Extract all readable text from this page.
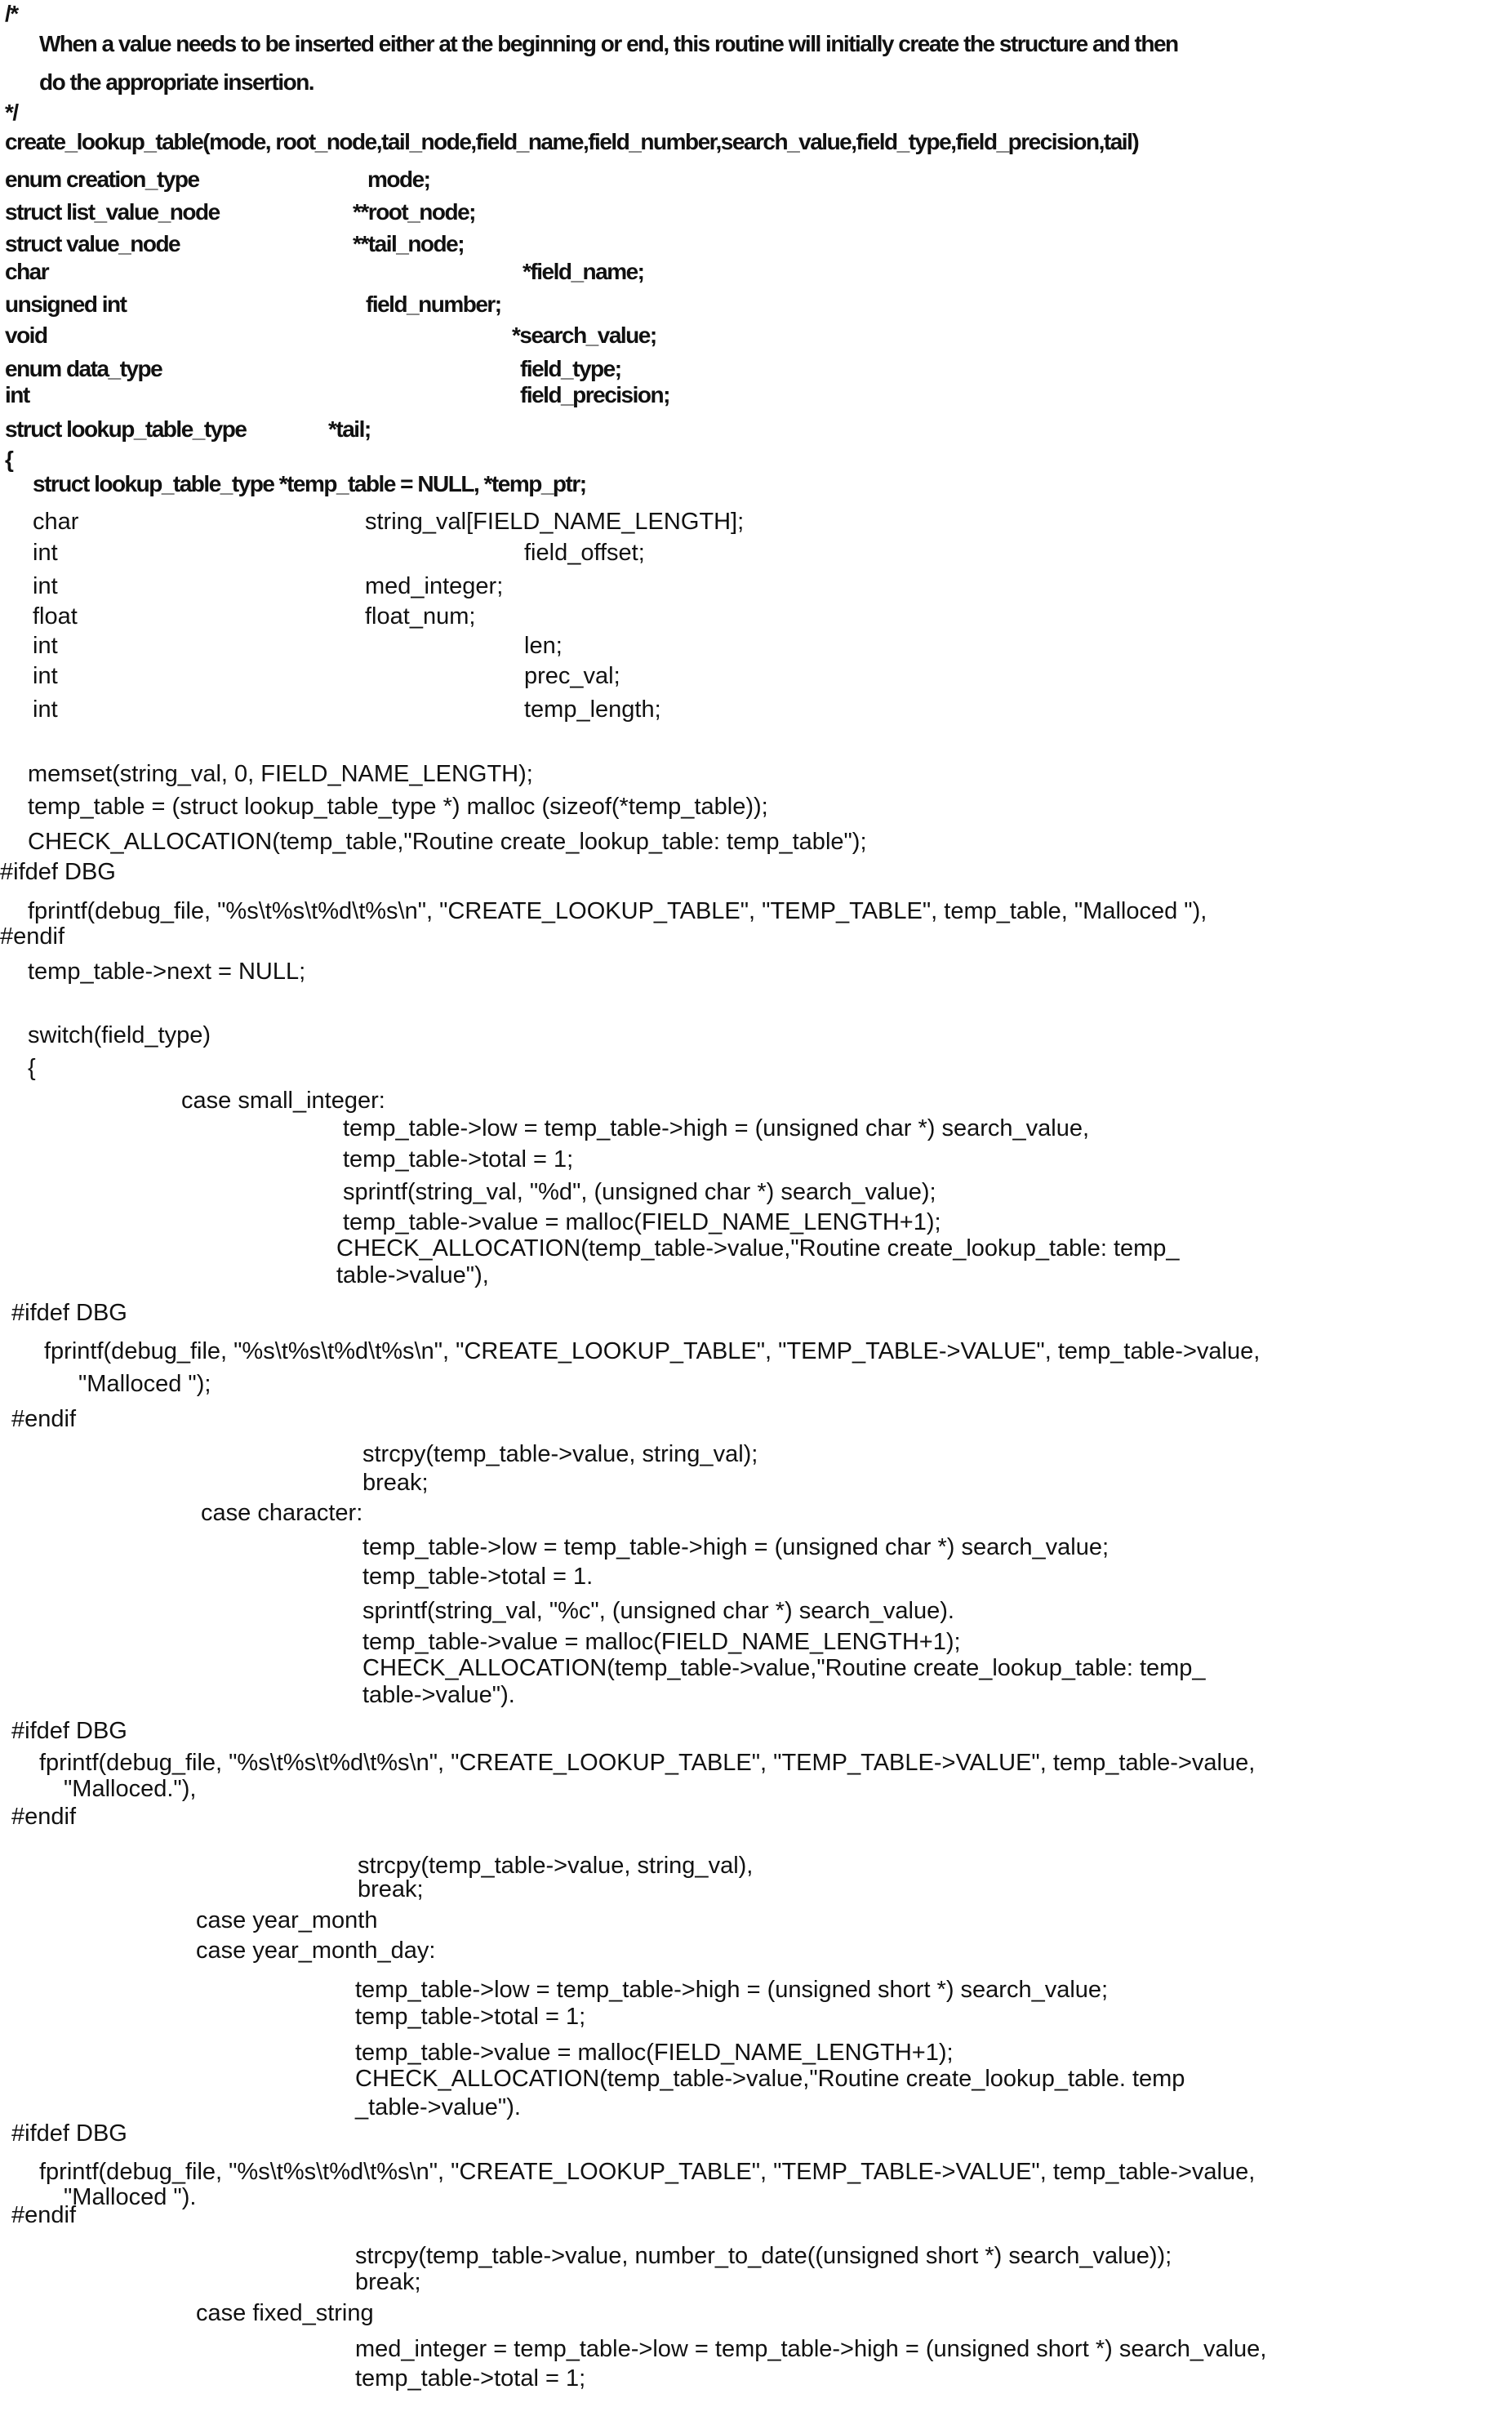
/*
When a value needs to be inserted either at the beginning or end, this routine will initially create the structure and then
do the appropriate insertion.
*/
create_lookup_table(mode, root_node,tail_node,field_name,field_number,search_value,field_type,field_precision,tail)
enum creation_type	mode;
struct list_value_node	**root_node;
struct value_node	**tail_node;
char	*field_name;
unsigned int	field_number;
void	*search_value;
enum data_type	field_type;
int	field_precision;
struct lookup_table_type	*tail;
{
struct lookup_table_type *temp_table = NULL, *temp_ptr;
char	string_val[FIELD_NAME_LENGTH];
int	field_offset;
int	med_integer;
float	float_num;
int	len;
int	prec_val;
int	temp_length;
memset(string_val, 0, FIELD_NAME_LENGTH);
temp_table = (struct lookup_table_type *) malloc (sizeof(*temp_table));
CHECK_ALLOCATION(temp_table,"Routine create_lookup_table: temp_table");
#ifdef DBG
fprintf(debug_file, "%s\t%s\t%d\t%s\n", "CREATE_LOOKUP_TABLE", "TEMP_TABLE", temp_table, "Malloced "),
#endif
temp_table->next = NULL;
switch(field_type)
{
case small_integer:
temp_table->low = temp_table->high = (unsigned char *) search_value,
temp_table->total = 1;
sprintf(string_val, "%d", (unsigned char *) search_value);
temp_table->value = malloc(FIELD_NAME_LENGTH+1);
CHECK_ALLOCATION(temp_table->value,"Routine create_lookup_table: temp_
table->value"),
#ifdef DBG
fprintf(debug_file, "%s\t%s\t%d\t%s\n", "CREATE_LOOKUP_TABLE", "TEMP_TABLE->VALUE", temp_table->value,
"Malloced ");
#endif
strcpy(temp_table->value, string_val);
break;
case character:
temp_table->low = temp_table->high = (unsigned char *) search_value;
temp_table->total = 1.
sprintf(string_val, "%c", (unsigned char *) search_value).
temp_table->value = malloc(FIELD_NAME_LENGTH+1);
CHECK_ALLOCATION(temp_table->value,"Routine create_lookup_table: temp_
table->value").
#ifdef DBG
fprintf(debug_file, "%s\t%s\t%d\t%s\n", "CREATE_LOOKUP_TABLE", "TEMP_TABLE->VALUE", temp_table->value,
"Malloced."),
#endif
strcpy(temp_table->value, string_val),
break;
case year_month
case year_month_day:
temp_table->low = temp_table->high = (unsigned short *) search_value;
temp_table->total = 1;
temp_table->value = malloc(FIELD_NAME_LENGTH+1);
CHECK_ALLOCATION(temp_table->value,"Routine create_lookup_table. temp
_table->value").
#ifdef DBG
fprintf(debug_file, "%s\t%s\t%d\t%s\n", "CREATE_LOOKUP_TABLE", "TEMP_TABLE->VALUE", temp_table->value,
"Malloced ").
#endif
strcpy(temp_table->value, number_to_date((unsigned short *) search_value));
break;
case fixed_string
med_integer = temp_table->low = temp_table->high = (unsigned short *) search_value,
temp_table->total = 1;
